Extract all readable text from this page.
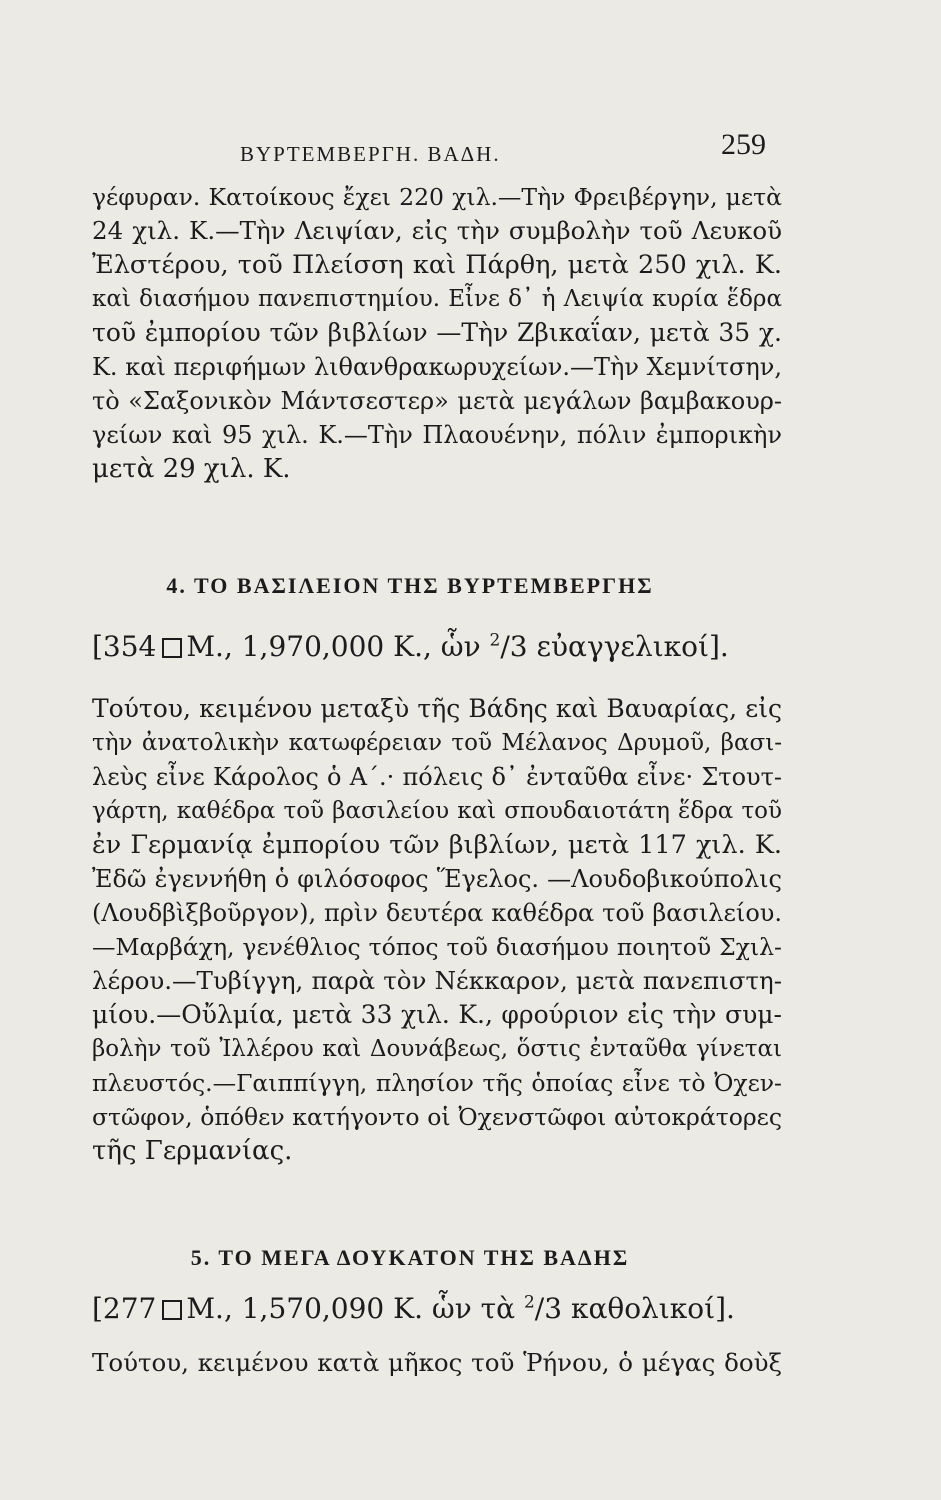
ΒΥΡΤΕΜΒΕΡΓΗ. ΒΑΔΗ.	259
γέφυραν. Κατοίκους ἔχει 220 χιλ.—Τὴν Φρειβέργην, μετὰ
24 χιλ. Κ.—Τὴν Λειψίαν, εἰς τὴν συμβολὴν τοῦ Λευκοῦ
Ἐλστέρου, τοῦ Πλείσση καὶ Πάρθη, μετὰ 250 χιλ. Κ.
καὶ διασήμου πανεπιστημίου. Εἶνε δ᾽ ἡ Λειψία κυρία ἕδρα
τοῦ ἐμπορίου τῶν βιβλίων —Τὴν Ζβικαΐαν, μετὰ 35 χ.
Κ. καὶ περιφήμων λιθανθρακωρυχείων.—Τὴν Χεμνίτσην,
τὸ «Σαξονικὸν Μάντσεστερ» μετὰ μεγάλων βαμβακουρ-
γείων καὶ 95 χιλ. Κ.—Τὴν Πλαουένην, πόλιν ἐμπορικὴν
μετὰ 29 χιλ. Κ.
4. ΤΟ ΒΑΣΙΛΕΙΟΝ ΤΗΣ ΒΥΡΤΕΜΒΕΡΓΗΣ
[354 Μ., 1,970,000 Κ., ὧν $^2$/3 εὐαγγελικοί].
Τούτου, κειμένου μεταξὺ τῆς Βάδης καὶ Βαυαρίας, εἰς
τὴν ἀνατολικὴν κατωφέρειαν τοῦ Μέλανος Δρυμοῦ, βασι-
λεὺς εἶνε Κάρολος ὁ Α΄.· πόλεις δ᾽ ἐνταῦθα εἶνε· Στουτ-
γάρτη, καθέδρα τοῦ βασιλείου καὶ σπουδαιοτάτη ἕδρα τοῦ
ἐν Γερμανίᾳ ἐμπορίου τῶν βιβλίων, μετὰ 117 χιλ. Κ.
Ἐδῶ ἐγεννήθη ὁ φιλόσοφος Ἕγελος. —Λουδοβικούπολις
(Λουδβὶξβοῦργον), πρὶν δευτέρα καθέδρα τοῦ βασιλείου.
—Μαρβάχη, γενέθλιος τόπος τοῦ διασήμου ποιητοῦ Σχιλ-
λέρου.—Τυβίγγη, παρὰ τὸν Νέκκαρον, μετὰ πανεπιστη-
μίου.—Οὔλμία, μετὰ 33 χιλ. Κ., φρούριον εἰς τὴν συμ-
βολὴν τοῦ Ἰλλέρου καὶ Δουνάβεως, ὅστις ἐνταῦθα γίνεται
πλευστός.—Γαιππίγγη, πλησίον τῆς ὁποίας εἶνε τὸ Ὀχεν-
στῶφον, ὁπόθεν κατήγοντο οἱ Ὀχενστῶφοι αὐτοκράτορες
τῆς Γερμανίας.
5. ΤΟ ΜΕΓΑ ΔΟΥΚΑΤΟΝ ΤΗΣ ΒΑΔΗΣ
[277 Μ., 1,570,090 Κ. ὧν τὰ $^2$/3 καθολικοί].
Τούτου, κειμένου κατὰ μῆκος τοῦ Ῥήνου, ὁ μέγας δοὺξ
